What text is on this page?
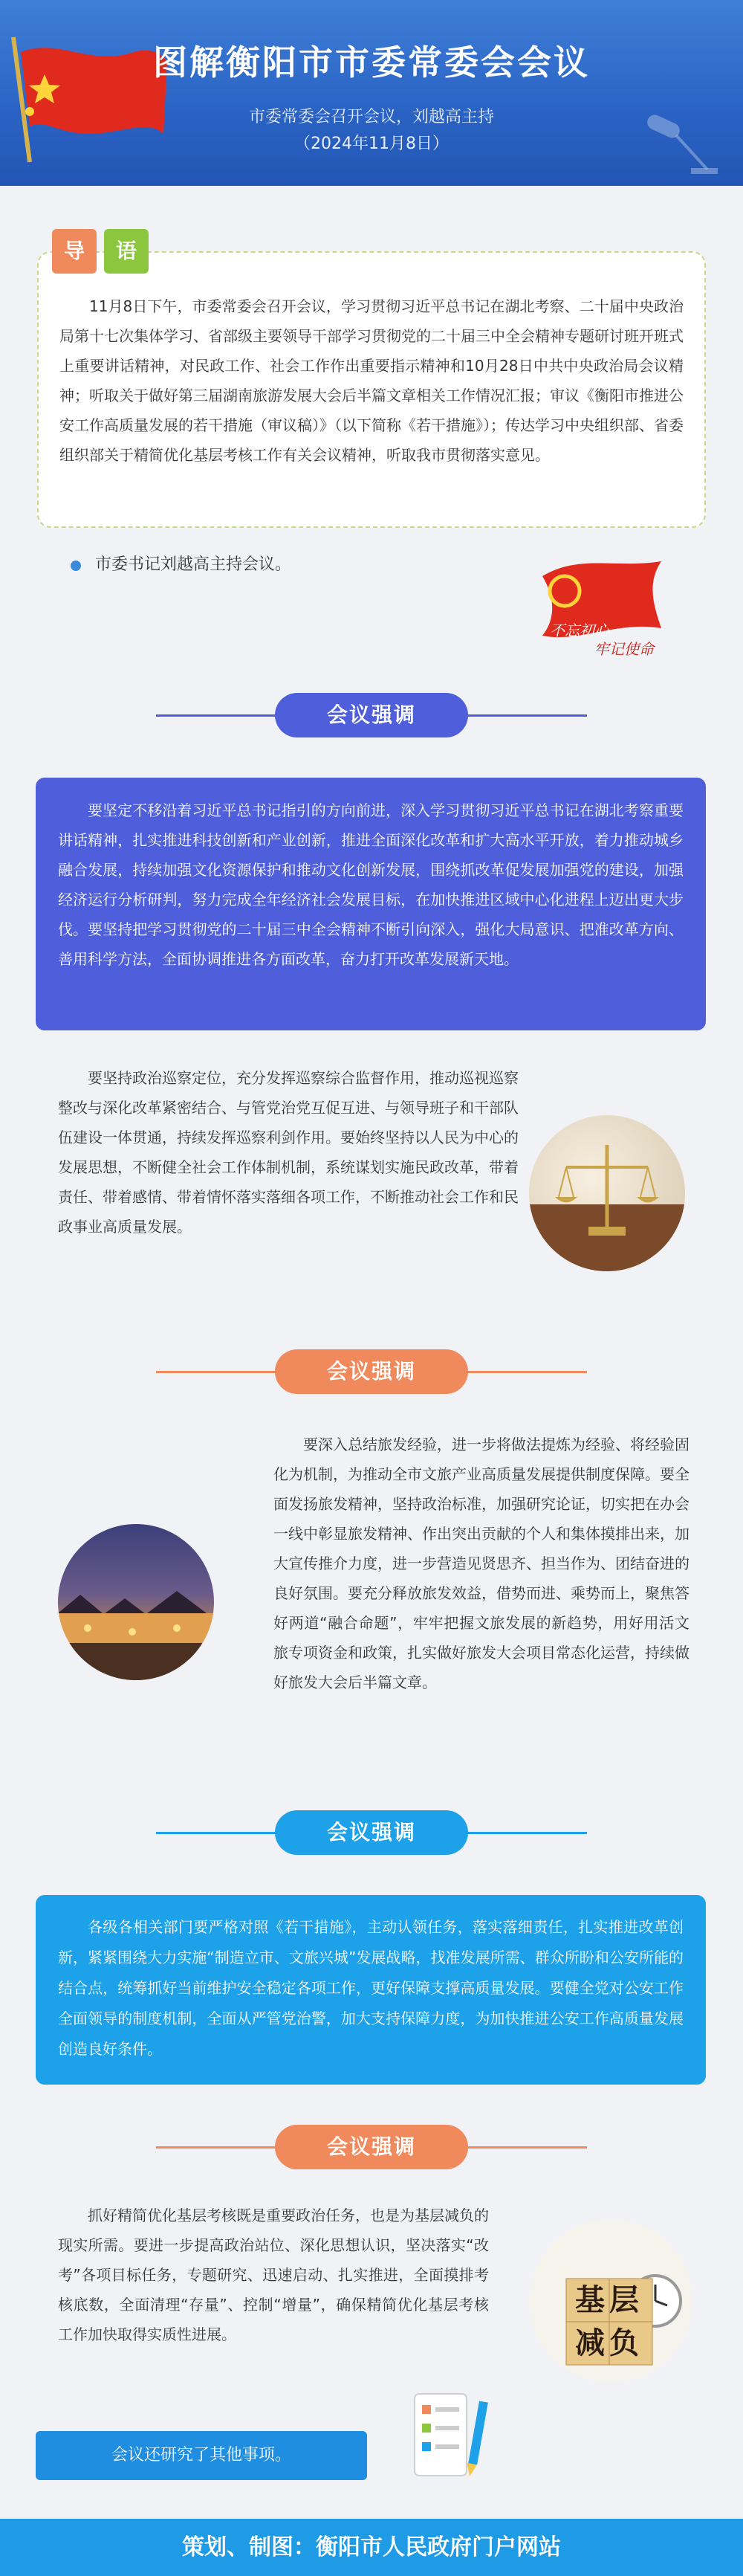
图解衡阳市市委常委会会议
市委常委会召开会议，刘越高主持
（2024年11月8日）
导	语
11月8日下午，市委常委会召开会议，学习贯彻习近平总书记在湖北考察、二十届中央政治局第十七次集体学习、省部级主要领导干部学习贯彻党的二十届三中全会精神专题研讨班开班式上重要讲话精神，对民政工作、社会工作作出重要指示精神和10月28日中共中央政治局会议精神；听取关于做好第三届湖南旅游发展大会后半篇文章相关工作情况汇报；审议《衡阳市推进公安工作高质量发展的若干措施（审议稿）》（以下简称《若干措施》）；传达学习中央组织部、省委组织部关于精简优化基层考核工作有关会议精神，听取我市贯彻落实意见。
市委书记刘越高主持会议。
不忘初心
牢记使命
会议强调
要坚定不移沿着习近平总书记指引的方向前进，深入学习贯彻习近平总书记在湖北考察重要讲话精神，扎实推进科技创新和产业创新，推进全面深化改革和扩大高水平开放，着力推动城乡融合发展，持续加强文化资源保护和推动文化创新发展，围绕抓改革促发展加强党的建设，加强经济运行分析研判，努力完成全年经济社会发展目标，在加快推进区域中心化进程上迈出更大步伐。要坚持把学习贯彻党的二十届三中全会精神不断引向深入，强化大局意识、把准改革方向、善用科学方法，全面协调推进各方面改革，奋力打开改革发展新天地。
要坚持政治巡察定位，充分发挥巡察综合监督作用，推动巡视巡察整改与深化改革紧密结合、与管党治党互促互进、与领导班子和干部队伍建设一体贯通，持续发挥巡察利剑作用。要始终坚持以人民为中心的发展思想，不断健全社会工作体制机制，系统谋划实施民政改革，带着责任、带着感情、带着情怀落实落细各项工作，不断推动社会工作和民政事业高质量发展。
会议强调
要深入总结旅发经验，进一步将做法提炼为经验、将经验固化为机制，为推动全市文旅产业高质量发展提供制度保障。要全面发扬旅发精神，坚持政治标准，加强研究论证，切实把在办会一线中彰显旅发精神、作出突出贡献的个人和集体摸排出来，加大宣传推介力度，进一步营造见贤思齐、担当作为、团结奋进的良好氛围。要充分释放旅发效益，借势而进、乘势而上，聚焦答好两道“融合命题”，牢牢把握文旅发展的新趋势，用好用活文旅专项资金和政策，扎实做好旅发大会项目常态化运营，持续做好旅发大会后半篇文章。
会议强调
各级各相关部门要严格对照《若干措施》，主动认领任务，落实落细责任，扎实推进改革创新，紧紧围绕大力实施“制造立市、文旅兴城”发展战略，找准发展所需、群众所盼和公安所能的结合点，统筹抓好当前维护安全稳定各项工作，更好保障支撑高质量发展。要健全党对公安工作全面领导的制度机制，全面从严管党治警，加大支持保障力度，为加快推进公安工作高质量发展创造良好条件。
会议强调
抓好精简优化基层考核既是重要政治任务，也是为基层减负的现实所需。要进一步提高政治站位、深化思想认识，坚决落实“改考”各项目标任务，专题研究、迅速启动、扎实推进，全面摸排考核底数，全面清理“存量”、控制“增量”，确保精简优化基层考核工作加快取得实质性进展。
基层
减负
会议还研究了其他事项。
策划、制图：衡阳市人民政府门户网站
